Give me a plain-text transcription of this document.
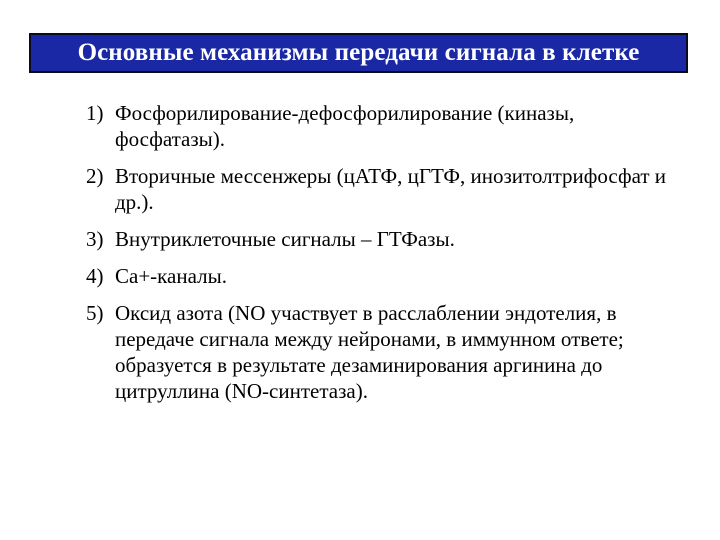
Основные механизмы передачи сигнала в клетке
1) Фосфорилирование-дефосфорилирование (киназы, фосфатазы).
2) Вторичные мессенжеры (цАТФ, цГТФ, инозитолтрифосфат и др.).
3) Внутриклеточные сигналы – ГТФазы.
4) Са+-каналы.
5) Оксид азота (NO участвует в расслаблении эндотелия, в передаче сигнала между нейронами, в иммунном ответе; образуется в результате дезаминирования аргинина до цитруллина (NO-синтетаза).
